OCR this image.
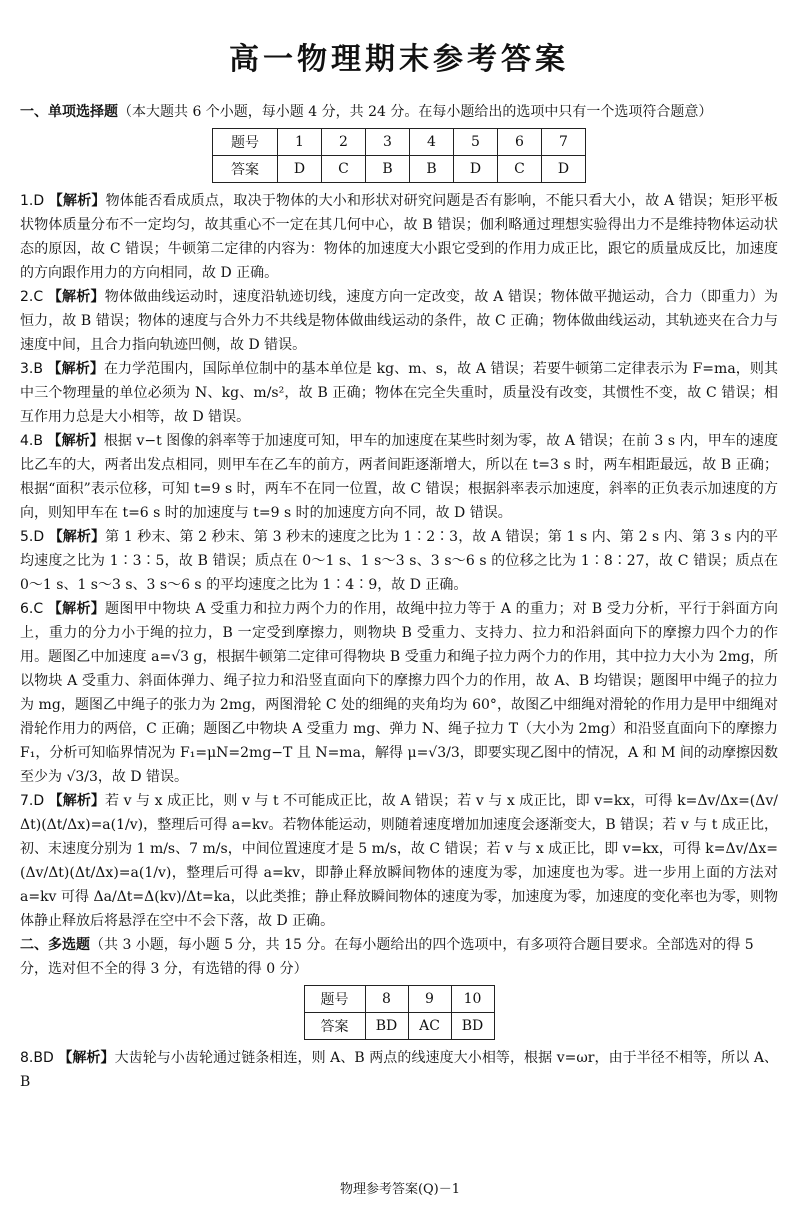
高一物理期末参考答案
一、单项选择题（本大题共 6 个小题，每小题 4 分，共 24 分。在每小题给出的选项中只有一个选项符合题意）
题号	1	2	3	4	5	6	7
答案	D	C	B	B	D	C	D

1.D 【解析】物体能否看成质点，取决于物体的大小和形状对研究问题是否有影响，不能只看大小，故 A 错误；矩形平板状物体质量分布不一定均匀，故其重心不一定在其几何中心，故 B 错误；伽利略通过理想实验得出力不是维持物体运动状态的原因，故 C 错误；牛顿第二定律的内容为：物体的加速度大小跟它受到的作用力成正比，跟它的质量成反比，加速度的方向跟作用力的方向相同，故 D 正确。

2.C 【解析】物体做曲线运动时，速度沿轨迹切线，速度方向一定改变，故 A 错误；物体做平抛运动，合力（即重力）为恒力，故 B 错误；物体的速度与合外力不共线是物体做曲线运动的条件，故 C 正确；物体做曲线运动，其轨迹夹在合力与速度中间，且合力指向轨迹凹侧，故 D 错误。

3.B 【解析】在力学范围内，国际单位制中的基本单位是 kg、m、s，故 A 错误；若要牛顿第二定律表示为 F=ma，则其中三个物理量的单位必须为 N、kg、m/s²，故 B 正确；物体在完全失重时，质量没有改变，其惯性不变，故 C 错误；相互作用力总是大小相等，故 D 错误。

4.B 【解析】根据 v−t 图像的斜率等于加速度可知，甲车的加速度在某些时刻为零，故 A 错误；在前 3 s 内，甲车的速度比乙车的大，两者出发点相同，则甲车在乙车的前方，两者间距逐渐增大，所以在 t=3 s 时，两车相距最远，故 B 正确；根据“面积”表示位移，可知 t=9 s 时，两车不在同一位置，故 C 错误；根据斜率表示加速度，斜率的正负表示加速度的方向，则知甲车在 t=6 s 时的加速度与 t=9 s 时的加速度方向不同，故 D 错误。

5.D 【解析】第 1 秒末、第 2 秒末、第 3 秒末的速度之比为 1∶2∶3，故 A 错误；第 1 s 内、第 2 s 内、第 3 s 内的平均速度之比为 1∶3∶5，故 B 错误；质点在 0～1 s、1 s～3 s、3 s～6 s 的位移之比为 1∶8∶27，故 C 错误；质点在 0～1 s、1 s～3 s、3 s～6 s 的平均速度之比为 1∶4∶9，故 D 正确。

6.C 【解析】题图甲中物块 A 受重力和拉力两个力的作用，故绳中拉力等于 A 的重力；对 B 受力分析，平行于斜面方向上，重力的分力小于绳的拉力，B 一定受到摩擦力，则物块 B 受重力、支持力、拉力和沿斜面向下的摩擦力四个力的作用。题图乙中加速度 a=√3 g，根据牛顿第二定律可得物块 B 受重力和绳子拉力两个力的作用，其中拉力大小为 2mg，所以物块 A 受重力、斜面体弹力、绳子拉力和沿竖直面向下的摩擦力四个力的作用，故 A、B 均错误；题图甲中绳子的拉力为 mg，题图乙中绳子的张力为 2mg，两图滑轮 C 处的细绳的夹角均为 60°，故图乙中细绳对滑轮的作用力是甲中细绳对滑轮作用力的两倍，C 正确；题图乙中物块 A 受重力 mg、弹力 N、绳子拉力 T（大小为 2mg）和沿竖直面向下的摩擦力 F₁，分析可知临界情况为 F₁=μN=2mg−T 且 N=ma，解得 μ=√3/3，即要实现乙图中的情况，A 和 M 间的动摩擦因数至少为 √3/3，故 D 错误。

7.D 【解析】若 v 与 x 成正比，则 v 与 t 不可能成正比，故 A 错误；若 v 与 x 成正比，即 v=kx，可得 k=Δv/Δx=(Δv/Δt)(Δt/Δx)=a(1/v)，整理后可得 a=kv。若物体能运动，则随着速度增加加速度会逐渐变大，B 错误；若 v 与 t 成正比，初、末速度分别为 1 m/s、7 m/s，中间位置速度才是 5 m/s，故 C 错误；若 v 与 x 成正比，即 v=kx，可得 k=Δv/Δx=(Δv/Δt)(Δt/Δx)=a(1/v)，整理后可得 a=kv，即静止释放瞬间物体的速度为零，加速度也为零。进一步用上面的方法对 a=kv 可得 Δa/Δt=Δ(kv)/Δt=ka，以此类推；静止释放瞬间物体的速度为零，加速度为零，加速度的变化率也为零，则物体静止释放后将悬浮在空中不会下落，故 D 正确。

二、多选题（共 3 小题，每小题 5 分，共 15 分。在每小题给出的四个选项中，有多项符合题目要求。全部选对的得 5 分，选对但不全的得 3 分，有选错的得 0 分）
题号	8	9	10
答案	BD	AC	BD

8.BD 【解析】大齿轮与小齿轮通过链条相连，则 A、B 两点的线速度大小相等，根据 v=ωr，由于半径不相等，所以 A、B

物理参考答案(Q)－1
